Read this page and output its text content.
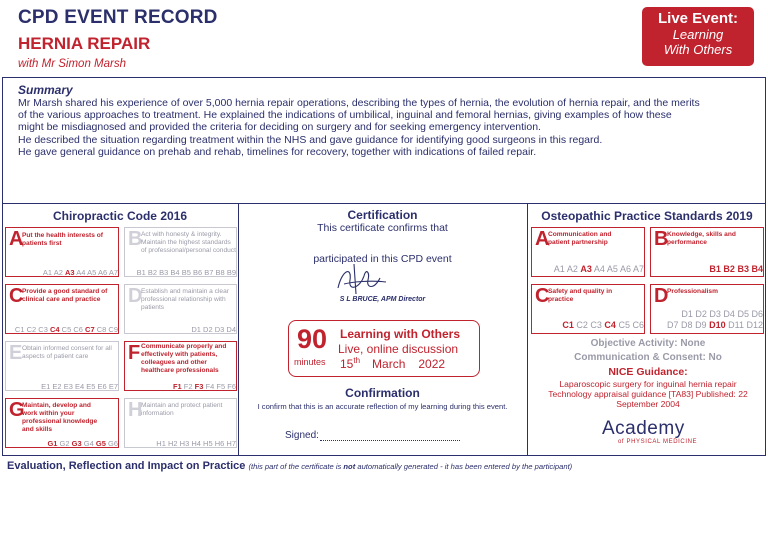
CPD EVENT RECORD
HERNIA REPAIR
with Mr Simon Marsh
Live Event:
Learning
With Others
Summary
Mr Marsh shared his experience of over 5,000 hernia repair operations, describing the types of hernia, the evolution of hernia repair, and the merits
of the various approaches to treatment. He explained the indications of umbilical, inguinal and femoral hernias, giving examples of how these
might be misdiagnosed and provided the criteria for deciding on surgery and for seeking emergency intervention.
He described the situation regarding treatment within the NHS and gave guidance for identifying good surgeons in this regard.
He gave general guidance on prehab and rehab, timelines for recovery, together with indications of failed repair.
Chiropractic Code 2016
A
Put the health interests of patients first	B
Act with honesty & integrity. Maintain the highest standards of professional/personal conduct
C
Provide a good standard of clinical care and practice	D
Establish and maintain a clear professional relationship with patients
E Obtain informed consent for all aspects of patient care	F Communicate properly and effectively with patients, colleagues and other healthcare professionals
G
Maintain, develop and work within your professional knowledge and skills
H
Maintain and protect patient information
A1 A2 A3 A4 A5 A6 A7 B1 B2 B3 B4 B5 B6 B7 B8 B9
C1 C2 C3 C4 C5 C6 C7 C8 C9	D1 D2 D3 D4
E1 E2 E3 E4 E5 E6 E7	F1 F2 F3 F4 F5 F6
G1 G2 G3 G4 G5 G6	H1 H2 H3 H4 H5 H6 H7
Certification
This certificate confirms that
participated in this CPD event
S L BRUCE, APM Director
90
minutes
Learning with Others
Live, online discussion
15th March 2022
Confirmation
I confirm that this is an accurate reflection of my learning during this event.
Signed:
Osteopathic Practice Standards 2019
A
Communication and patient partnership	B
Knowledge, skills and performance
C
Safety and quality in practice	D
Professionalism
A1 A2 A3 A4 A5 A6 A7	B1 B2 B3 B4
C1 C2 C3 C4 C5 C6
D1 D2 D3 D4 D5 D6
D7 D8 D9 D10 D11 D12
Objective Activity: None
Communication & Consent: No
NICE Guidance:
Laparoscopic surgery for inguinal hernia repair
Technology appraisal guidance [TA83] Published: 22
September 2004
Academy
of PHYSICAL MEDICINE
Evaluation, Reflection and Impact on Practice (this part of the certificate is not automatically generated - it has been entered by the participant)
